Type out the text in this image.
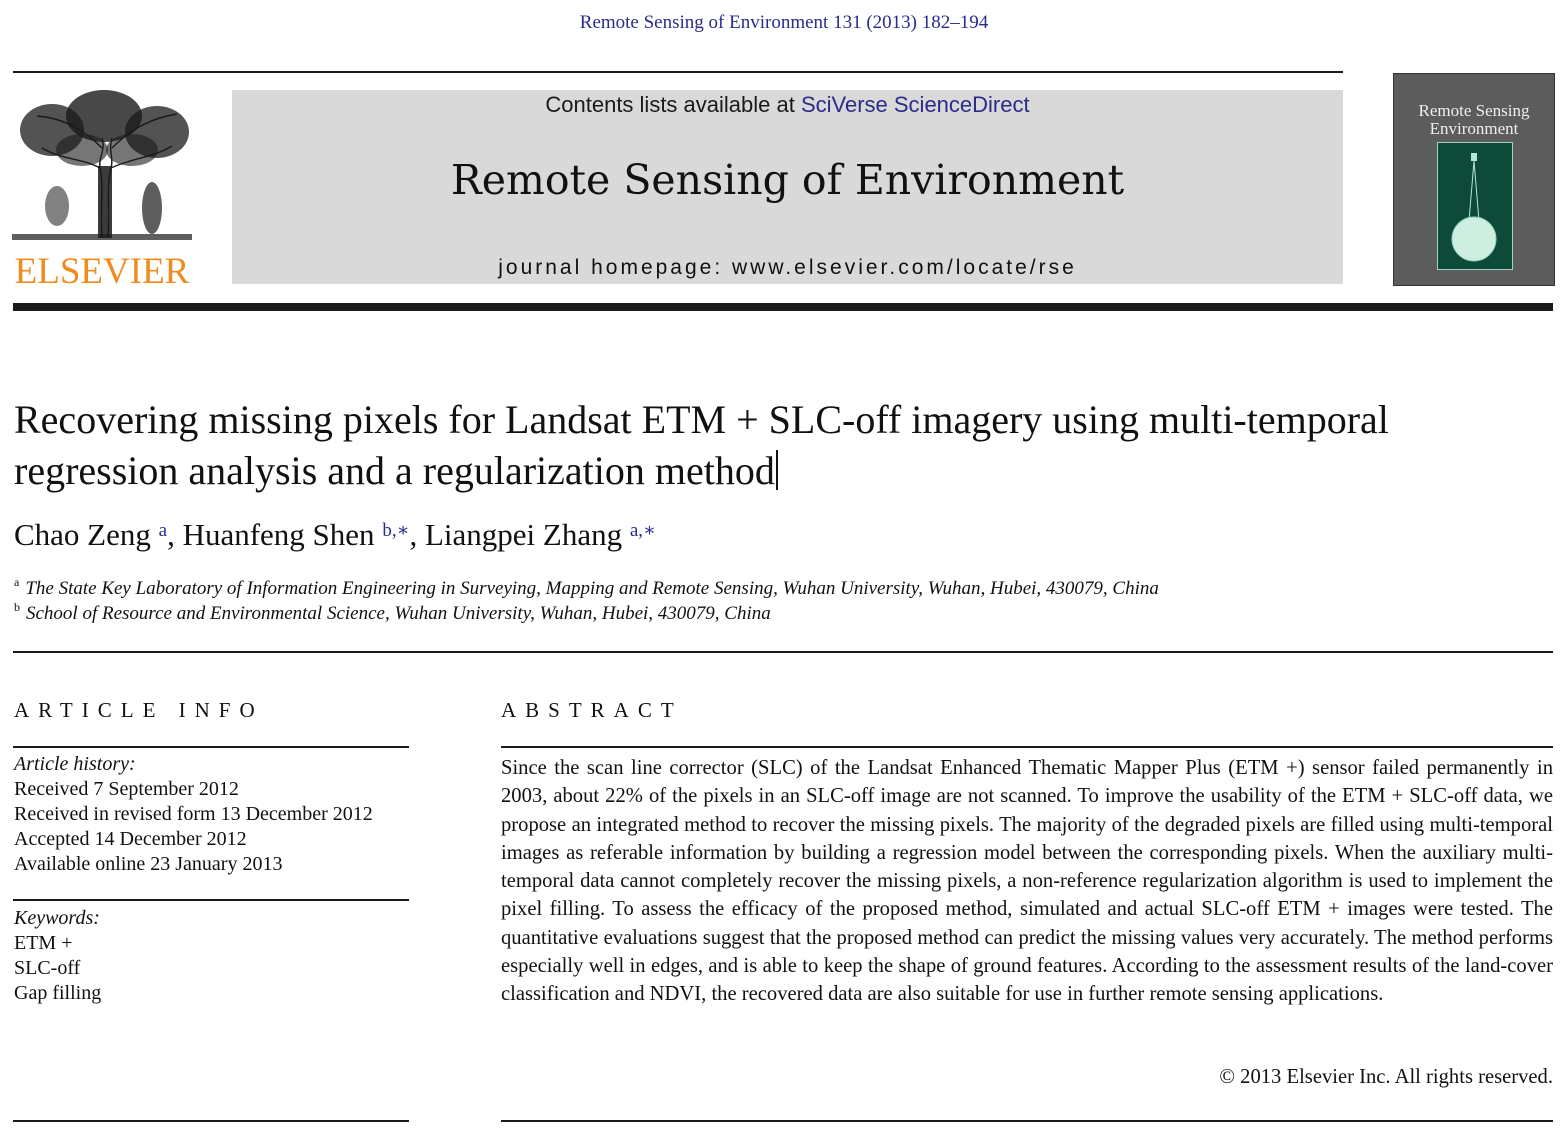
Remote Sensing of Environment 131 (2013) 182–194
ELSEVIER
Contents lists available at SciVerse ScienceDirect
Remote Sensing of Environment
journal homepage: www.elsevier.com/locate/rse
Remote Sensing
Environment
Recovering missing pixels for Landsat ETM + SLC-off imagery using multi-temporal regression analysis and a regularization method
Chao Zeng $^a$, Huanfeng Shen $^{b,∗}$, Liangpei Zhang $^{a,∗}$
$^a$ The State Key Laboratory of Information Engineering in Surveying, Mapping and Remote Sensing, Wuhan University, Wuhan, Hubei, 430079, China
$^b$ School of Resource and Environmental Science, Wuhan University, Wuhan, Hubei, 430079, China
ARTICLE INFO	ABSTRACT
Article history:
Received 7 September 2012
Received in revised form 13 December 2012
Accepted 14 December 2012
Available online 23 January 2013
Keywords:
ETM +
SLC-off
Gap filling
Since the scan line corrector (SLC) of the Landsat Enhanced Thematic Mapper Plus (ETM +) sensor failed permanently in 2003, about 22% of the pixels in an SLC-off image are not scanned. To improve the usability of the ETM + SLC-off data, we propose an integrated method to recover the missing pixels. The majority of the degraded pixels are filled using multi-temporal images as referable information by building a regression model between the corresponding pixels. When the auxiliary multi-temporal data cannot completely recover the missing pixels, a non-reference regularization algorithm is used to implement the pixel filling. To assess the efficacy of the proposed method, simulated and actual SLC-off ETM + images were tested. The quantitative evaluations suggest that the proposed method can predict the missing values very accurately. The method performs especially well in edges, and is able to keep the shape of ground features. According to the assessment results of the land-cover classification and NDVI, the recovered data are also suitable for use in further remote sensing applications.
© 2013 Elsevier Inc. All rights reserved.
